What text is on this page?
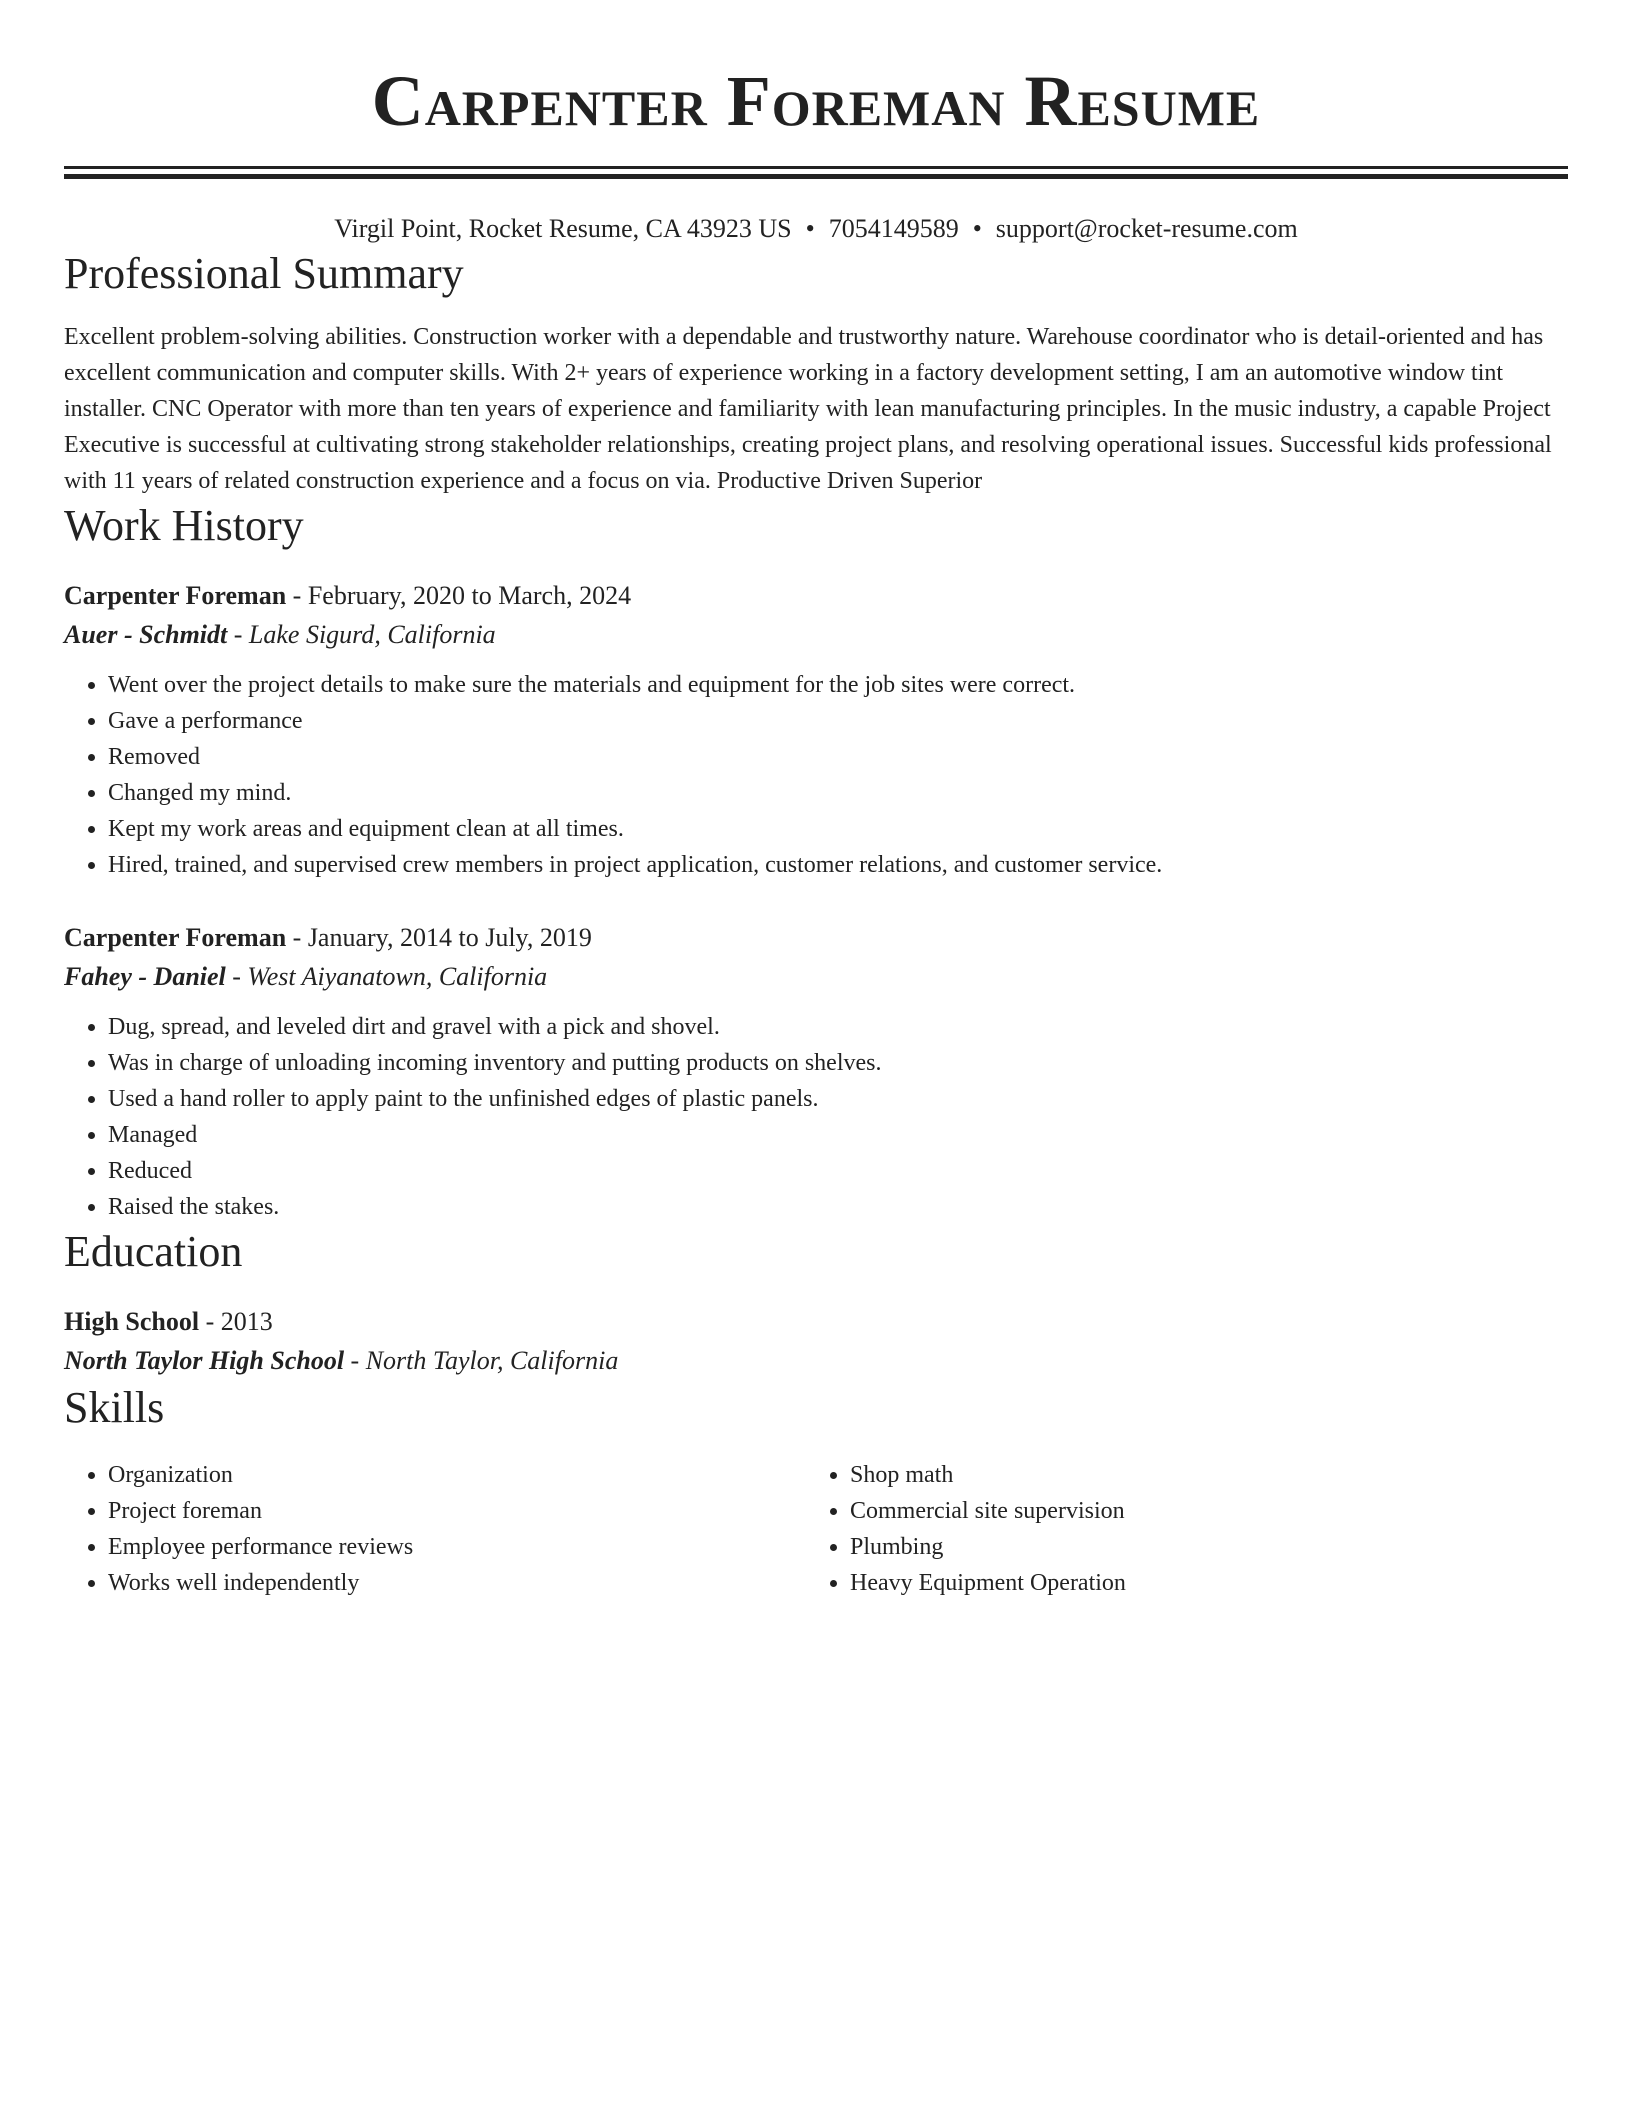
Carpenter Foreman Resume
Virgil Point, Rocket Resume, CA 43923 US • 7054149589 • support@rocket-resume.com
Professional Summary

Excellent problem-solving abilities. Construction worker with a dependable and trustworthy nature. Warehouse coordinator who is detail-oriented and has excellent communication and computer skills. With 2+ years of experience working in a factory development setting, I am an automotive window tint installer. CNC Operator with more than ten years of experience and familiarity with lean manufacturing principles. In the music industry, a capable Project Executive is successful at cultivating strong stakeholder relationships, creating project plans, and resolving operational issues. Successful kids professional with 11 years of related construction experience and a focus on via. Productive Driven Superior

Work History
Carpenter Foreman - February, 2020 to March, 2024
Auer - Schmidt - Lake Sigurd, California
• Went over the project details to make sure the materials and equipment for the job sites were correct.
• Gave a performance
• Removed
• Changed my mind.
• Kept my work areas and equipment clean at all times.
• Hired, trained, and supervised crew members in project application, customer relations, and customer service.
Carpenter Foreman - January, 2014 to July, 2019
Fahey - Daniel - West Aiyanatown, California
• Dug, spread, and leveled dirt and gravel with a pick and shovel.
• Was in charge of unloading incoming inventory and putting products on shelves.
• Used a hand roller to apply paint to the unfinished edges of plastic panels.
• Managed
• Reduced
• Raised the stakes.
Education
High School - 2013
North Taylor High School - North Taylor, California
Skills
• Organization
• Project foreman
• Employee performance reviews
• Works well independently
• Shop math
• Commercial site supervision
• Plumbing
• Heavy Equipment Operation
